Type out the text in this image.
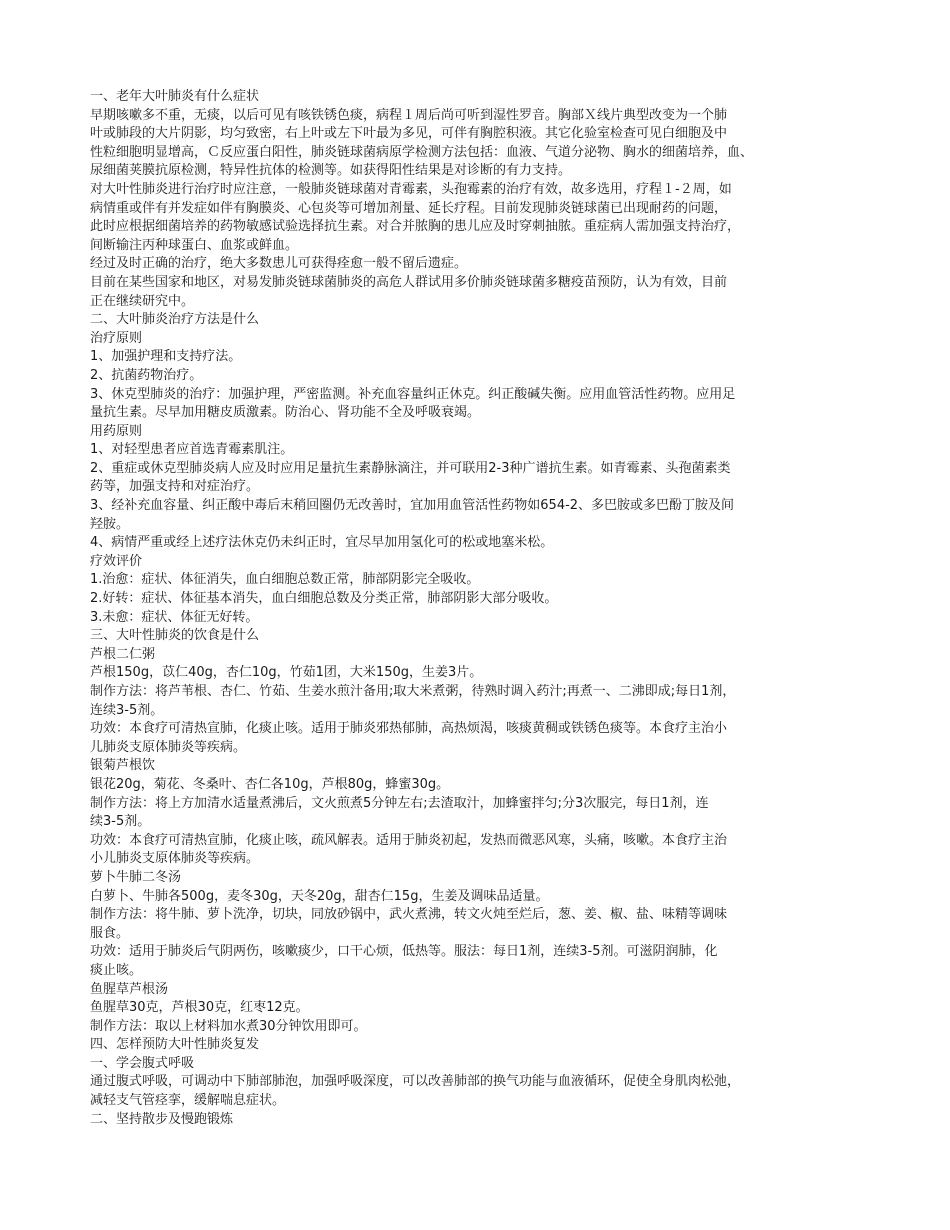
一、老年大叶肺炎有什么症状
早期咳嗽多不重，无痰，以后可见有咳铁锈色痰，病程１周后尚可听到湿性罗音。胸部Ｘ线片典型改变为一个肺
叶或肺段的大片阴影，均匀致密，右上叶或左下叶最为多见，可伴有胸腔积液。其它化验室检查可见白细胞及中
性粒细胞明显增高，Ｃ反应蛋白阳性，肺炎链球菌病原学检测方法包括：血液、气道分泌物、胸水的细菌培养，血、
尿细菌荚膜抗原检测，特异性抗体的检测等。如获得阳性结果是对诊断的有力支持。
对大叶性肺炎进行治疗时应注意，一般肺炎链球菌对青霉素，头孢霉素的治疗有效，故多选用，疗程１-２周，如
病情重或伴有并发症如伴有胸膜炎、心包炎等可增加剂量、延长疗程。目前发现肺炎链球菌已出现耐药的问题，
此时应根据细菌培养的药物敏感试验选择抗生素。对合并脓胸的患儿应及时穿刺抽脓。重症病人需加强支持治疗，
间断输注丙种球蛋白、血浆或鲜血。
经过及时正确的治疗，绝大多数患儿可获得痊愈一般不留后遗症。
目前在某些国家和地区，对易发肺炎链球菌肺炎的高危人群试用多价肺炎链球菌多糖疫苗预防，认为有效，目前
正在继续研究中。
二、大叶肺炎治疗方法是什么
治疗原则
1、加强护理和支持疗法。
2、抗菌药物治疗。
3、休克型肺炎的治疗：加强护理，严密监测。补充血容量纠正休克。纠正酸碱失衡。应用血管活性药物。应用足
量抗生素。尽早加用糖皮质激素。防治心、肾功能不全及呼吸衰竭。
用药原则
1、对轻型患者应首选青霉素肌注。
2、重症或休克型肺炎病人应及时应用足量抗生素静脉滴注，并可联用2-3种广谱抗生素。如青霉素、头孢菌素类
药等，加强支持和对症治疗。
3、经补充血容量、纠正酸中毒后末稍回圈仍无改善时，宜加用血管活性药物如654-2、多巴胺或多巴酚丁胺及间
羟胺。
4、病情严重或经上述疗法休克仍未纠正时，宜尽早加用氢化可的松或地塞米松。
疗效评价
1.治愈：症状、体征消失，血白细胞总数正常，肺部阴影完全吸收。
2.好转：症状、体征基本消失，血白细胞总数及分类正常，肺部阴影大部分吸收。
3.未愈：症状、体征无好转。
三、大叶性肺炎的饮食是什么
芦根二仁粥
芦根150g，苡仁40g，杏仁10g，竹茹1团，大米150g，生姜3片。
制作方法：将芦苇根、杏仁、竹茹、生姜水煎汁备用;取大米煮粥，待熟时调入药汁;再煮一、二沸即成;每日1剂，
连续3-5剂。
功效：本食疗可清热宣肺，化痰止咳。适用于肺炎邪热郁肺，高热烦渴，咳痰黄稠或铁锈色痰等。本食疗主治小
儿肺炎支原体肺炎等疾病。
银菊芦根饮
银花20g，菊花、冬桑叶、杏仁各10g，芦根80g，蜂蜜30g。
制作方法：将上方加清水适量煮沸后，文火煎煮5分钟左右;去渣取汁，加蜂蜜拌匀;分3次服完，每日1剂，连
续3-5剂。
功效：本食疗可清热宣肺，化痰止咳，疏风解表。适用于肺炎初起，发热而微恶风寒，头痛，咳嗽。本食疗主治
小儿肺炎支原体肺炎等疾病。
萝卜牛肺二冬汤
白萝卜、牛肺各500g，麦冬30g，天冬20g，甜杏仁15g，生姜及调味品适量。
制作方法：将牛肺、萝卜洗净，切块，同放砂锅中，武火煮沸，转文火炖至烂后，葱、姜、椒、盐、味精等调味
服食。
功效：适用于肺炎后气阴两伤，咳嗽痰少，口干心烦，低热等。服法：每日1剂，连续3-5剂。可滋阴润肺，化
痰止咳。
鱼腥草芦根汤
鱼腥草30克，芦根30克，红枣12克。
制作方法：取以上材料加水煮30分钟饮用即可。
四、怎样预防大叶性肺炎复发
一、学会腹式呼吸
通过腹式呼吸，可调动中下肺部肺泡，加强呼吸深度，可以改善肺部的换气功能与血液循环，促使全身肌肉松弛，
减轻支气管痉挛，缓解喘息症状。
二、坚持散步及慢跑锻炼
